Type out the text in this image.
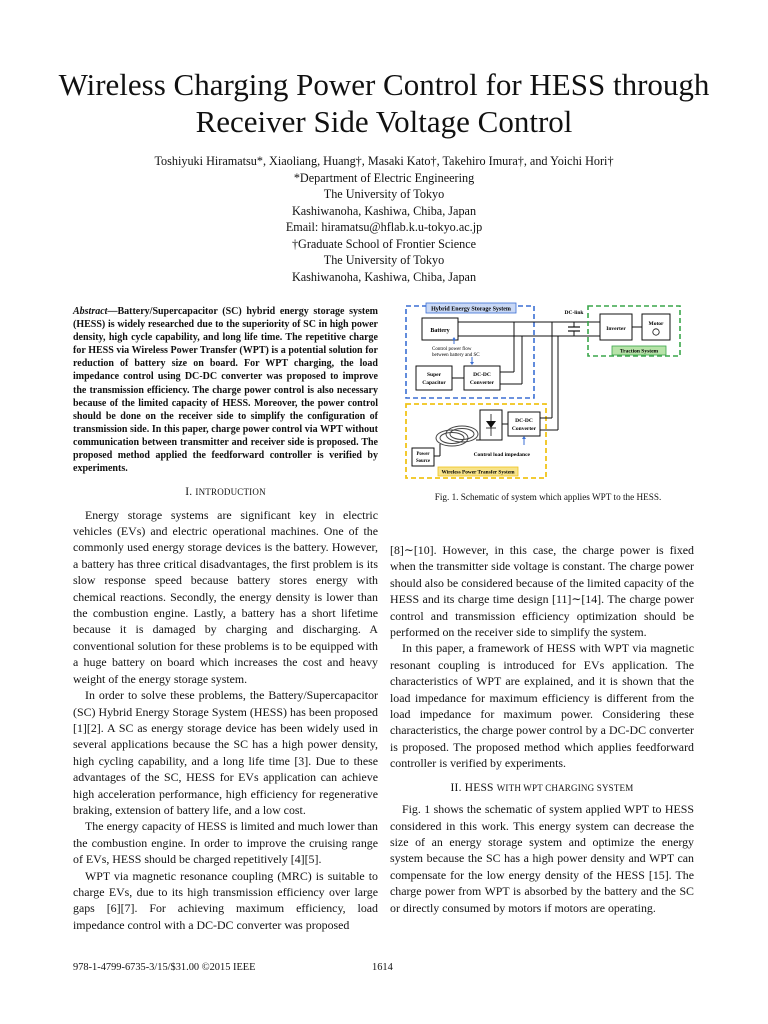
Wireless Charging Power Control for HESS through
Receiver Side Voltage Control
Toshiyuki Hiramatsu*, Xiaoliang, Huang†, Masaki Kato†, Takehiro Imura†, and Yoichi Hori†
*Department of Electric Engineering
The University of Tokyo
Kashiwanoha, Kashiwa, Chiba, Japan
Email: hiramatsu@hflab.k.u-tokyo.ac.jp
†Graduate School of Frontier Science
The University of Tokyo
Kashiwanoha, Kashiwa, Chiba, Japan

Abstract—Battery/Supercapacitor (SC) hybrid energy storage system (HESS) is widely researched due to the superiority of SC in high power density, high cycle capability, and long life time. The repetitive charge for HESS via Wireless Power Transfer (WPT) is a potential solution for reduction of battery size on board. For WPT charging, the load impedance control using DC-DC converter was proposed to improve the transmission efficiency. The charge power control is also necessary because of the limited capacity of HESS. Moreover, the power control should be done on the receiver side to simplify the configuration of transmission side. In this paper, charge power control via WPT without communication between transmitter and receiver side is proposed. The proposed method applied the feedforward controller is verified by experiments.

I. INTRODUCTION

Energy storage systems are significant key in electric vehicles (EVs) and electric operational machines. One of the commonly used energy storage devices is the battery. However, a battery has three critical disadvantages, the first problem is its slow response speed because battery stores energy with chemical reactions. Secondly, the energy density is lower than the combustion engine. Lastly, a battery has a short lifetime because it is damaged by charging and discharging. A conventional solution for these problems is to be equipped with a huge battery on board which increases the cost and heavy weight of the energy storage system.

In order to solve these problems, the Battery/Supercapacitor (SC) Hybrid Energy Storage System (HESS) has been proposed [1][2]. A SC as energy storage device has been widely used in several applications because the SC has a high power density, high cycling capability, and a long life time [3]. Due to these advantages of the SC, HESS for EVs application can achieve high acceleration performance, high efficiency for regenerative braking, extension of battery life, and a low cost.

The energy capacity of HESS is limited and much lower than the combustion engine. In order to improve the cruising range of EVs, HESS should be charged repetitively [4][5].

WPT via magnetic resonance coupling (MRC) is suitable to charge EVs, due to its high transmission efficiency over large gaps [6][7]. For achieving maximum efficiency, load impedance control with a DC-DC converter was proposed

Hybrid Energy Storage System
Battery
Control power flow
between battery and SC
Super
Capacitor
DC-DC
Converter
DC-link
Inverter
Motor
Traction System
DC-DC
Converter
Control load impedance
Power
Source
Wireless Power Transfer System
Fig. 1. Schematic of system which applies WPT to the HESS.

[8]∼[10]. However, in this case, the charge power is fixed when the transmitter side voltage is constant. The charge power should also be considered because of the limited capacity of the HESS and its charge time design [11]∼[14]. The charge power control and transmission efficiency optimization should be performed on the receiver side to simplify the system.

In this paper, a framework of HESS with WPT via magnetic resonant coupling is introduced for EVs application. The characteristics of WPT are explained, and it is shown that the load impedance for maximum efficiency is different from the load impedance for maximum power. Considering these characteristics, the charge power control by a DC-DC converter is proposed. The proposed method which applies feedforward controller is verified by experiments.

II. HESS WITH WPT CHARGING SYSTEM

Fig. 1 shows the schematic of system applied WPT to HESS considered in this work. This energy system can decrease the size of an energy storage system and optimize the energy system because the SC has a high power density and WPT can compensate for the low energy density of the HESS [15]. The charge power from WPT is absorbed by the battery and the SC or directly consumed by motors if motors are operating.

978-1-4799-6735-3/15/$31.00 ©2015 IEEE	1614
